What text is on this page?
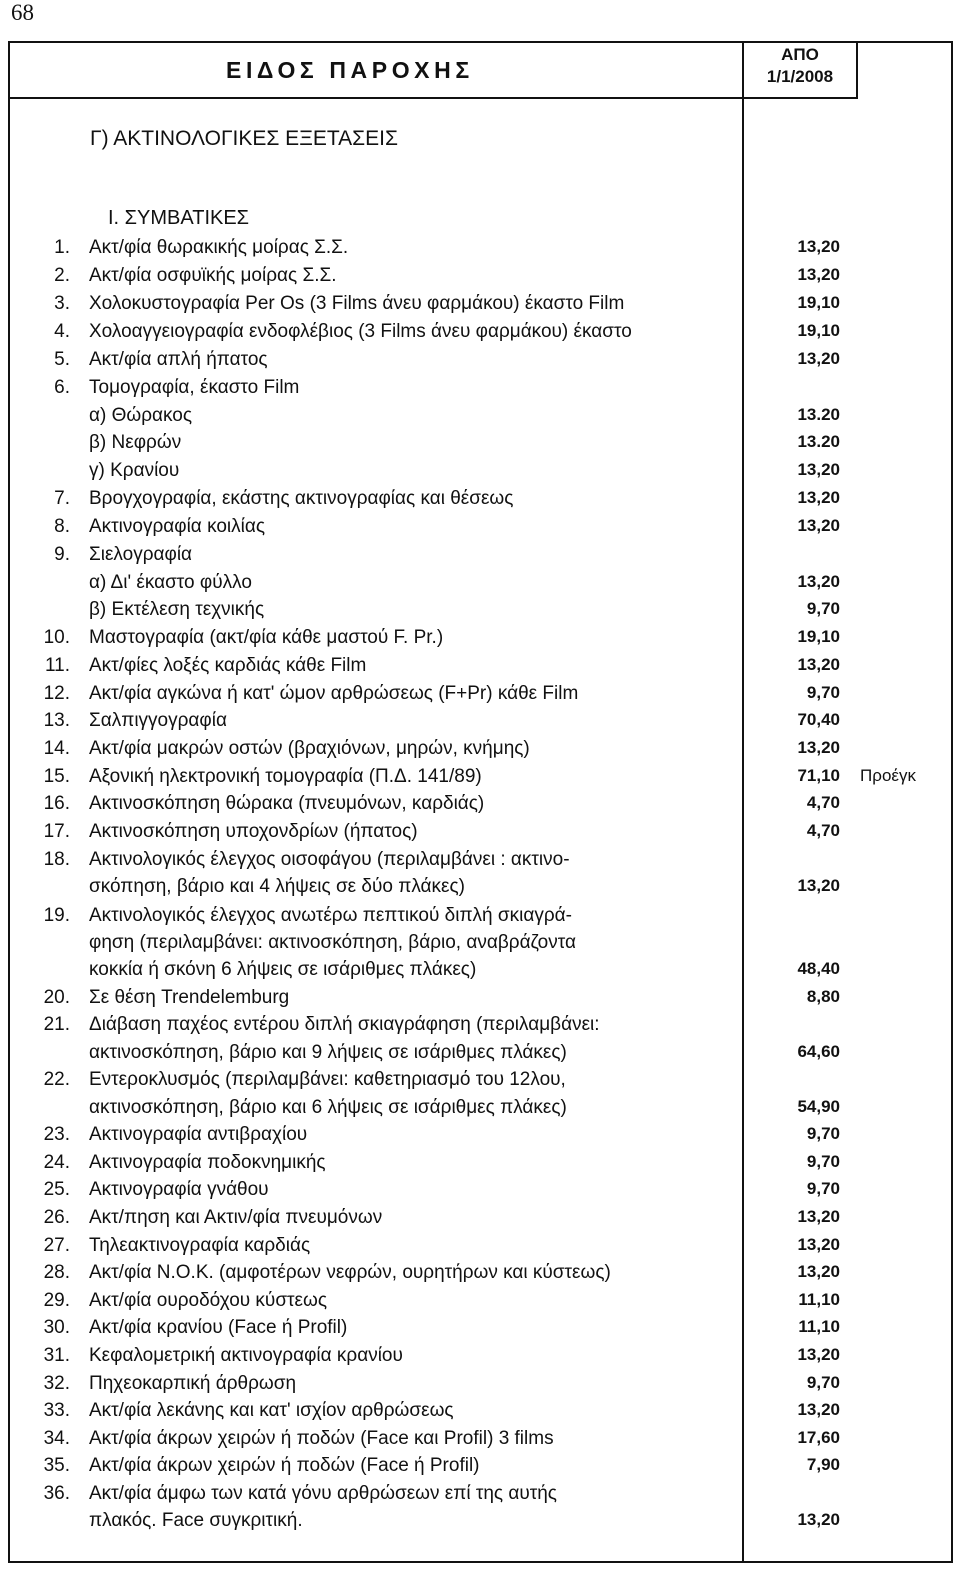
68
ΕΙΔΟΣ ΠΑΡΟΧΗΣ
ΑΠΟ
1/1/2008
Γ) ΑΚΤΙΝΟΛΟΓΙΚΕΣ ΕΞΕΤΑΣΕΙΣ
Ι. ΣΥΜΒΑΤΙΚΕΣ
1. Ακτ/φία θωρακικής μοίρας Σ.Σ.	13,20
2. Ακτ/φία οσφυϊκής μοίρας Σ.Σ.	13,20
3. Χολοκυστογραφία Per Os (3 Films άνευ φαρμάκου) έκαστο Film	19,10
4. Χολοαγγειογραφία ενδοφλέβιος (3 Films άνευ φαρμάκου) έκαστο	19,10
5. Ακτ/φία απλή ήπατος	13,20
6. Τομογραφία, έκαστο Film
α) Θώρακος	13.20
β) Νεφρών	13.20
γ) Κρανίου	13,20
7. Βρογχογραφία, εκάστης ακτινογραφίας και θέσεως	13,20
8. Ακτινογραφία κοιλίας	13,20
9. Σιελογραφία
α) Δι' έκαστο φύλλο	13,20
β) Εκτέλεση τεχνικής	9,70
10. Μαστογραφία (ακτ/φία κάθε μαστού F. Pr.)	19,10
11. Ακτ/φίες λοξές καρδιάς κάθε Film	13,20
12. Ακτ/φία αγκώνα ή κατ' ώμον αρθρώσεως (F+Pr) κάθε Film	9,70
13. Σαλπιγγογραφία	70,40
14. Ακτ/φία μακρών οστών (βραχιόνων, μηρών, κνήμης)	13,20
15. Αξονική ηλεκτρονική τομογραφία (Π.Δ. 141/89)	71,10 Προέγκ
16. Ακτινοσκόπηση θώρακα (πνευμόνων, καρδιάς)	4,70
17. Ακτινοσκόπηση υποχονδρίων (ήπατος)	4,70
18. Ακτινολογικός έλεγχος οισοφάγου (περιλαμβάνει : ακτινο-
σκόπηση, βάριο και 4 λήψεις σε δύο πλάκες)	13,20
19. Ακτινολογικός έλεγχος ανωτέρω πεπτικού διπλή σκιαγρά-
φηση (περιλαμβάνει: ακτινοσκόπηση, βάριο, αναβράζοντα
κοκκία ή σκόνη 6 λήψεις σε ισάριθμες πλάκες)	48,40
20. Σε θέση Trendelemburg	8,80
21. Διάβαση παχέος εντέρου διπλή σκιαγράφηση (περιλαμβάνει:
ακτινοσκόπηση, βάριο και 9 λήψεις σε ισάριθμες πλάκες)	64,60
22. Εντεροκλυσμός (περιλαμβάνει: καθετηριασμό του 12λου,
ακτινοσκόπηση, βάριο και 6 λήψεις σε ισάριθμες πλάκες)	54,90
23. Ακτινογραφία αντιβραχίου	9,70
24. Ακτινογραφία ποδοκνημικής	9,70
25. Ακτινογραφία γνάθου	9,70
26. Ακτ/πηση και Ακτιν/φία πνευμόνων	13,20
27. Τηλεακτινογραφία καρδιάς	13,20
28. Ακτ/φία Ν.Ο.Κ. (αμφοτέρων νεφρών, ουρητήρων και κύστεως)	13,20
29. Ακτ/φία ουροδόχου κύστεως	11,10
30. Ακτ/φία κρανίου (Face ή Profil)	11,10
31. Κεφαλομετρική ακτινογραφία κρανίου	13,20
32. Πηχεοκαρπική άρθρωση	9,70
33. Ακτ/φία λεκάνης και κατ' ισχίον αρθρώσεως	13,20
34. Ακτ/φία άκρων χειρών ή ποδών (Face και Profil) 3 films	17,60
35. Ακτ/φία άκρων χειρών ή ποδών (Face ή Profil)	7,90
36. Ακτ/φία άμφω των κατά γόνυ αρθρώσεων επί της αυτής
πλακός. Face συγκριτική.	13,20
